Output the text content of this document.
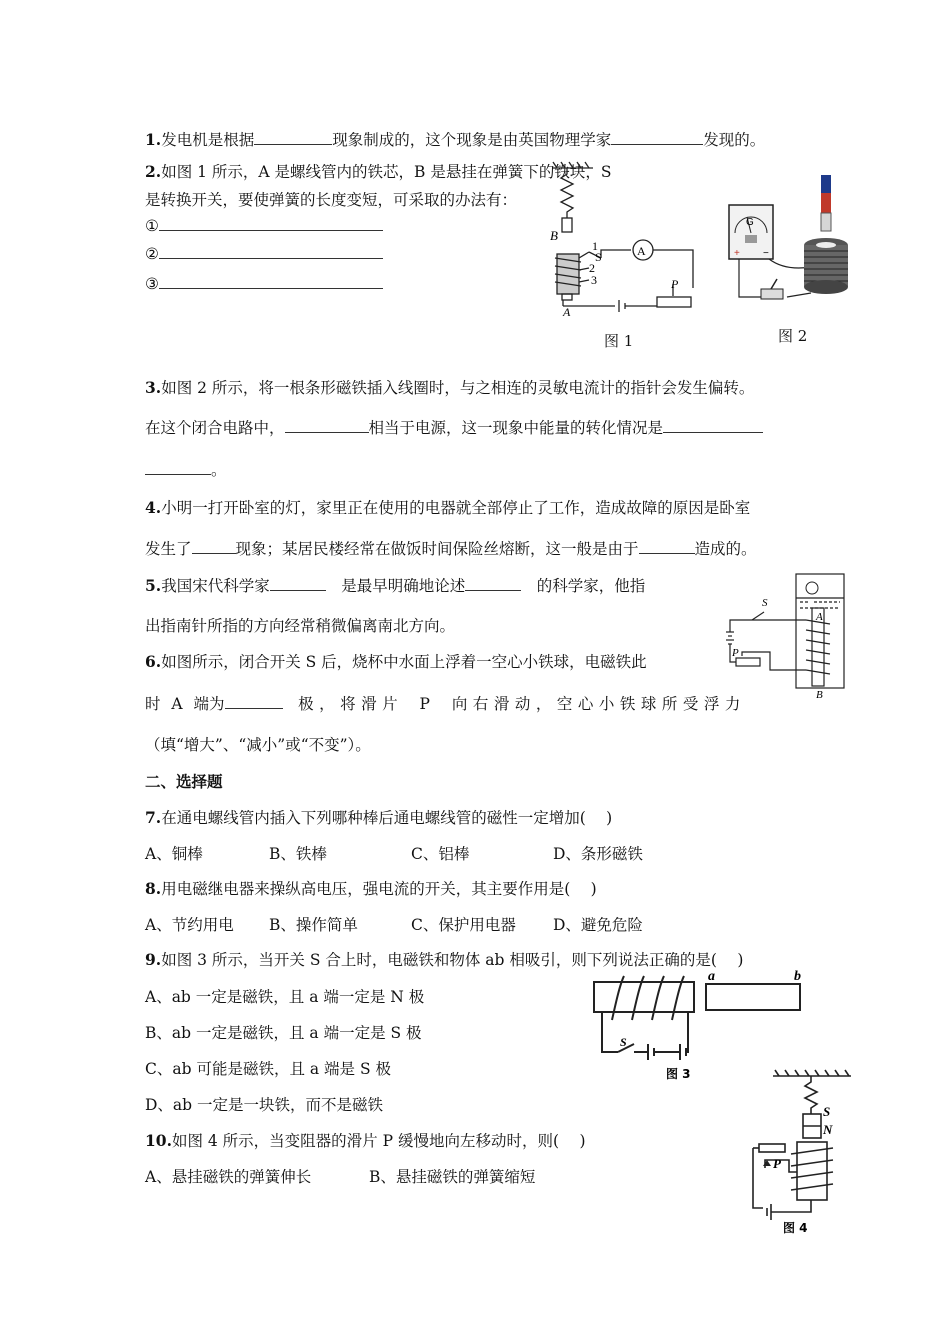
1.发电机是根据	现象制成的，这个现象是由英国物理学家	发现的。
2.如图 1 所示，A 是螺线管内的铁芯，B 是悬挂在弹簧下的铁块，S
是转换开关，要使弹簧的长度变短，可采取的办法有：
①
②
③
B
S
1
2
3
A
A
P
图 1
G
+ −
图 2
3.如图 2 所示，将一根条形磁铁插入线圈时，与之相连的灵敏电流计的指针会发生偏转。
在这个闭合电路中，	相当于电源，这一现象中能量的转化情况是
。
4.小明一打开卧室的灯，家里正在使用的电器就全部停止了工作，造成故障的原因是卧室
发生了	现象；某居民楼经常在做饭时间保险丝熔断，这一般是由于	造成的。
5.我国宋代科学家　	是最早明确地论述　	的科学家，他指
出指南针所指的方向经常稍微偏离南北方向。
S
A
P
B
6.如图所示，闭合开关 S 后，烧杯中水面上浮着一空心小铁球，电磁铁此
时 A 端为　	极，将滑片 P 向右滑动，空心小铁球所受浮力
（填“增大”、“减小”或“不变”）。
二、选择题
7.在通电螺线管内插入下列哪种棒后通电螺线管的磁性一定增加(　 )
A、铜棒	B、铁棒	C、铝棒	D、条形磁铁
8.用电磁继电器来操纵高电压，强电流的开关，其主要作用是(　 )
A、节约用电 B、操作简单	C、保护用电器 D、避免危险
9.如图 3 所示，当开关 S 合上时，电磁铁和物体 ab 相吸引，则下列说法正确的是(　 )
A、ab 一定是磁铁，且 a 端一定是 N 极
B、ab 一定是磁铁，且 a 端一定是 S 极
C、ab 可能是磁铁，且 a 端是 S 极
D、ab 一定是一块铁，而不是磁铁
a	b
S
图 3
10.如图 4 所示，当变阻器的滑片 P 缓慢地向左移动时，则(　 )
A、悬挂磁铁的弹簧伸长	B、悬挂磁铁的弹簧缩短
S
N
P
图 4
